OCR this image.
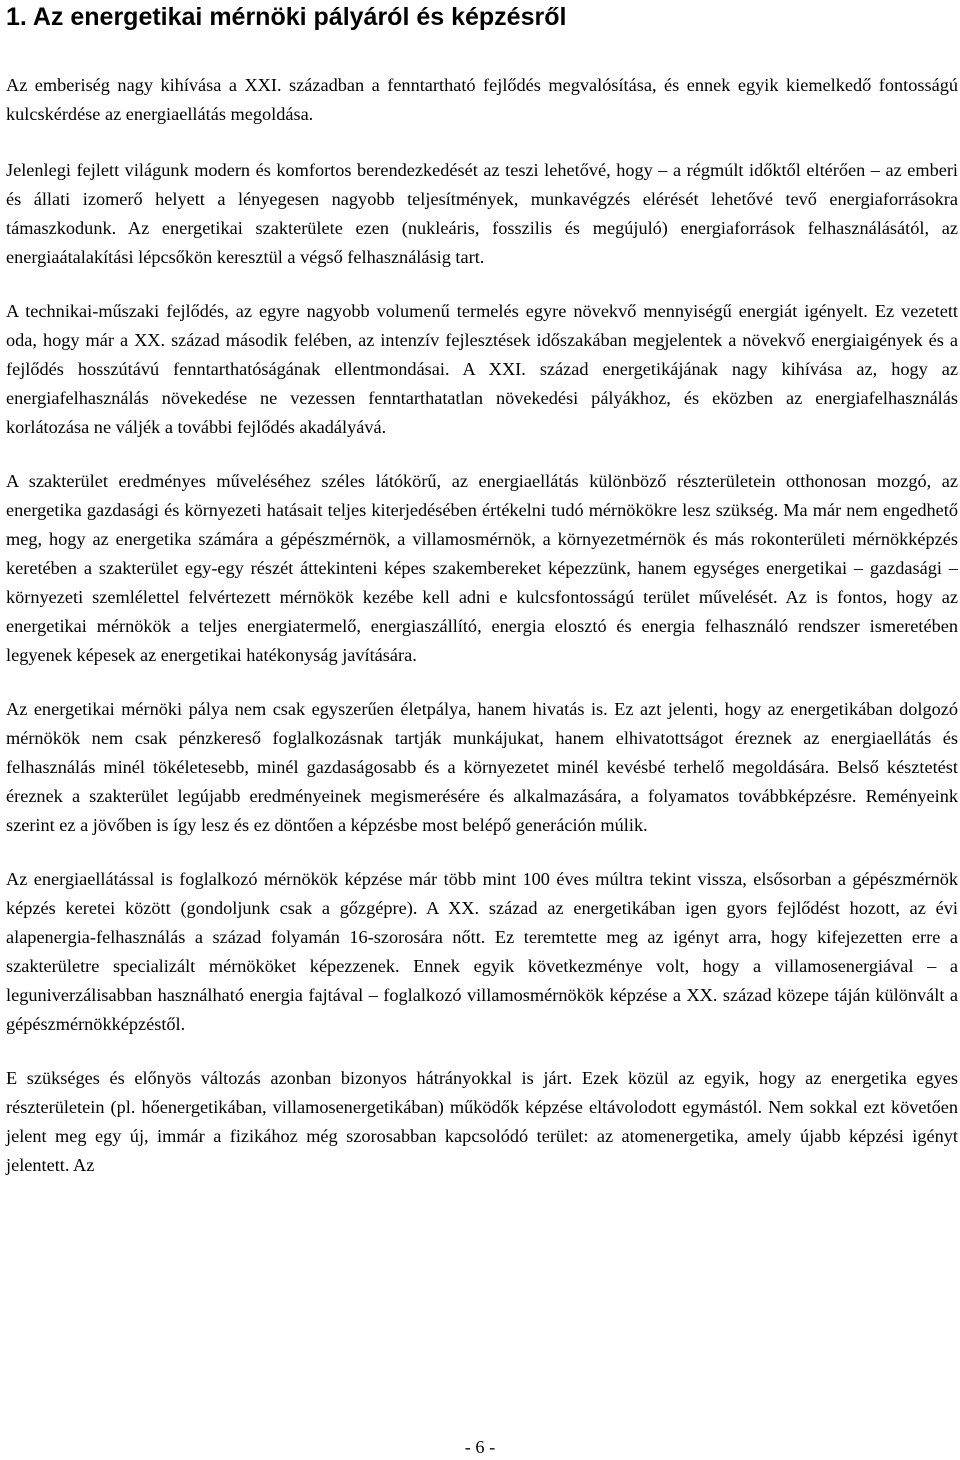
1. Az energetikai mérnöki pályáról és képzésről

Az emberiség nagy kihívása a XXI. században a fenntartható fejlődés megvalósítása, és ennek egyik kiemelkedő fontosságú kulcskérdése az energiaellátás megoldása.

Jelenlegi fejlett világunk modern és komfortos berendezkedését az teszi lehetővé, hogy – a régmúlt időktől eltérően – az emberi és állati izomerő helyett a lényegesen nagyobb teljesítmények, munkavégzés elérését lehetővé tevő energiaforrásokra támaszkodunk. Az energetikai szakterülete ezen (nukleáris, fosszilis és megújuló) energiaforrások felhasználásától, az energiaátalakítási lépcsőkön keresztül a végső felhasználásig tart.

A technikai-műszaki fejlődés, az egyre nagyobb volumenű termelés egyre növekvő mennyiségű energiát igényelt. Ez vezetett oda, hogy már a XX. század második felében, az intenzív fejlesztések időszakában megjelentek a növekvő energiaigények és a fejlődés hosszútávú fenntarthatóságának ellentmondásai. A XXI. század energetikájának nagy kihívása az, hogy az energiafelhasználás növekedése ne vezessen fenntarthatatlan növekedési pályákhoz, és eközben az energiafelhasználás korlátozása ne váljék a további fejlődés akadályává.

A szakterület eredményes műveléséhez széles látókörű, az energiaellátás különböző részterületein otthonosan mozgó, az energetika gazdasági és környezeti hatásait teljes kiterjedésében értékelni tudó mérnökökre lesz szükség. Ma már nem engedhető meg, hogy az energetika számára a gépészmérnök, a villamosmérnök, a környezetmérnök és más rokonterületi mérnökképzés keretében a szakterület egy-egy részét áttekinteni képes szakembereket képezzünk, hanem egységes energetikai – gazdasági – környezeti szemlélettel felvértezett mérnökök kezébe kell adni e kulcsfontosságú terület művelését. Az is fontos, hogy az energetikai mérnökök a teljes energiatermelő, energiaszállító, energia elosztó és energia felhasználó rendszer ismeretében legyenek képesek az energetikai hatékonyság javítására.

Az energetikai mérnöki pálya nem csak egyszerűen életpálya, hanem hivatás is. Ez azt jelenti, hogy az energetikában dolgozó mérnökök nem csak pénzkereső foglalkozásnak tartják munkájukat, hanem elhivatottságot éreznek az energiaellátás és felhasználás minél tökéletesebb, minél gazdaságosabb és a környezetet minél kevésbé terhelő megoldására. Belső késztetést éreznek a szakterület legújabb eredményeinek megismerésére és alkalmazására, a folyamatos továbbképzésre. Reményeink szerint ez a jövőben is így lesz és ez döntően a képzésbe most belépő generáción múlik.

Az energiaellátással is foglalkozó mérnökök képzése már több mint 100 éves múltra tekint vissza, elsősorban a gépészmérnök képzés keretei között (gondoljunk csak a gőzgépre). A XX. század az energetikában igen gyors fejlődést hozott, az évi alapenergia-felhasználás a század folyamán 16-szorosára nőtt. Ez teremtette meg az igényt arra, hogy kifejezetten erre a szakterületre specializált mérnököket képezzenek. Ennek egyik következménye volt, hogy a villamosenergiával – a leguniverzálisabban használható energia fajtával – foglalkozó villamosmérnökök képzése a XX. század közepe táján különvált a gépészmérnökképzéstől.

E szükséges és előnyös változás azonban bizonyos hátrányokkal is járt. Ezek közül az egyik, hogy az energetika egyes részterületein (pl. hőenergetikában, villamosenergetikában) működők képzése eltávolodott egymástól. Nem sokkal ezt követően jelent meg egy új, immár a fizikához még szorosabban kapcsolódó terület: az atomenergetika, amely újabb képzési igényt jelentett. Az

- 6 -
